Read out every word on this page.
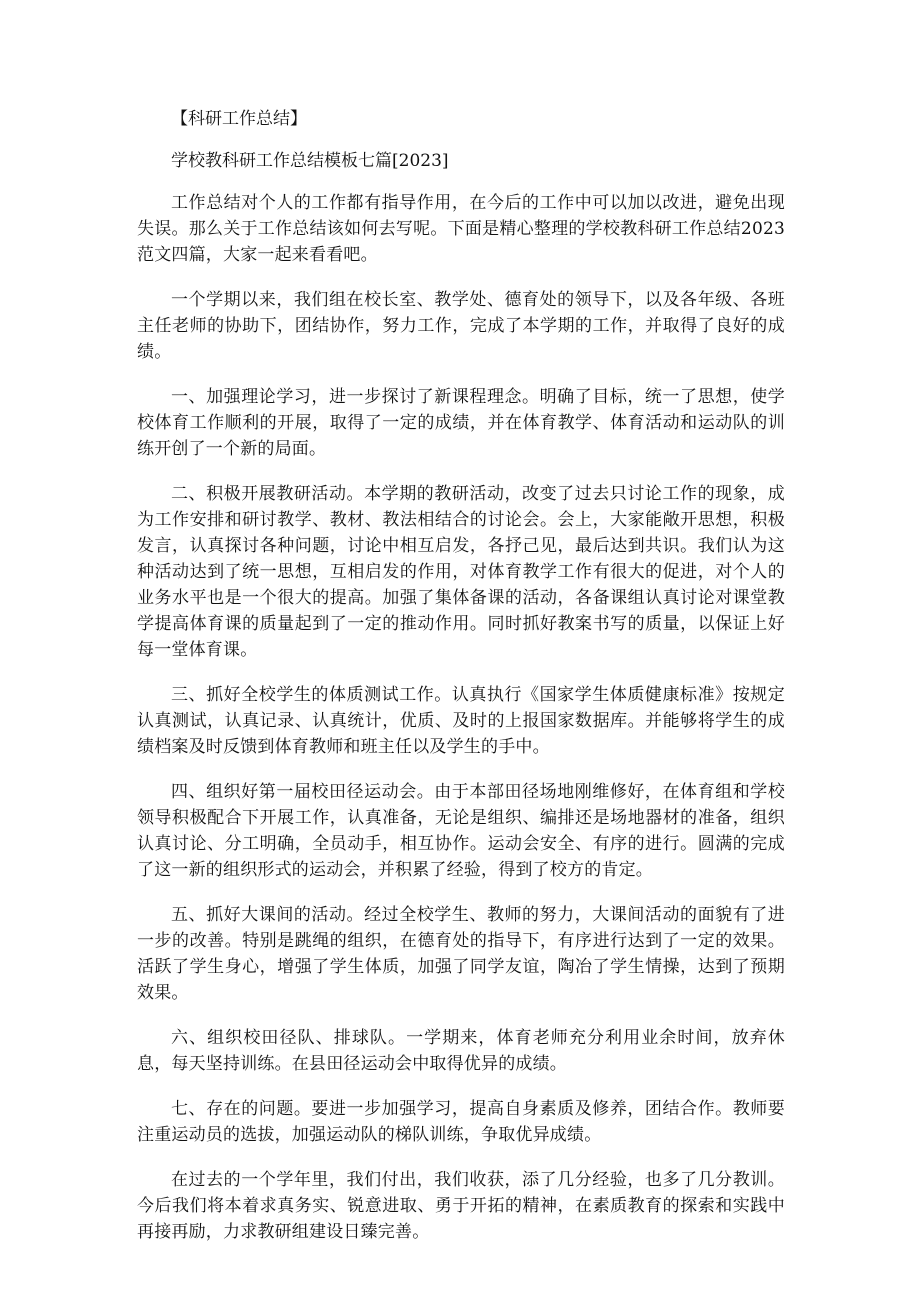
【科研工作总结】

学校教科研工作总结模板七篇[2023]

工作总结对个人的工作都有指导作用，在今后的工作中可以加以改进，避免出现失误。那么关于工作总结该如何去写呢。下面是精心整理的学校教科研工作总结2023范文四篇，大家一起来看看吧。

一个学期以来，我们组在校长室、教学处、德育处的领导下，以及各年级、各班主任老师的协助下，团结协作，努力工作，完成了本学期的工作，并取得了良好的成绩。

一、加强理论学习，进一步探讨了新课程理念。明确了目标，统一了思想，使学校体育工作顺利的开展，取得了一定的成绩，并在体育教学、体育活动和运动队的训练开创了一个新的局面。

二、积极开展教研活动。本学期的教研活动，改变了过去只讨论工作的现象，成为工作安排和研讨教学、教材、教法相结合的讨论会。会上，大家能敞开思想，积极发言，认真探讨各种问题，讨论中相互启发，各抒己见，最后达到共识。我们认为这种活动达到了统一思想，互相启发的作用，对体育教学工作有很大的促进，对个人的业务水平也是一个很大的提高。加强了集体备课的活动，各备课组认真讨论对课堂教学提高体育课的质量起到了一定的推动作用。同时抓好教案书写的质量，以保证上好每一堂体育课。

三、抓好全校学生的体质测试工作。认真执行《国家学生体质健康标准》按规定认真测试，认真记录、认真统计，优质、及时的上报国家数据库。并能够将学生的成绩档案及时反馈到体育教师和班主任以及学生的手中。

四、组织好第一届校田径运动会。由于本部田径场地刚维修好，在体育组和学校领导积极配合下开展工作，认真准备，无论是组织、编排还是场地器材的准备，组织认真讨论、分工明确，全员动手，相互协作。运动会安全、有序的进行。圆满的完成了这一新的组织形式的运动会，并积累了经验，得到了校方的肯定。

五、抓好大课间的活动。经过全校学生、教师的努力，大课间活动的面貌有了进一步的改善。特别是跳绳的组织，在德育处的指导下，有序进行达到了一定的效果。活跃了学生身心，增强了学生体质，加强了同学友谊，陶冶了学生情操，达到了预期效果。

六、组织校田径队、排球队。一学期来，体育老师充分利用业余时间，放弃休息，每天坚持训练。在县田径运动会中取得优异的成绩。

七、存在的问题。要进一步加强学习，提高自身素质及修养，团结合作。教师要注重运动员的选拔，加强运动队的梯队训练，争取优异成绩。

在过去的一个学年里，我们付出，我们收获，添了几分经验，也多了几分教训。今后我们将本着求真务实、锐意进取、勇于开拓的精神，在素质教育的探索和实践中再接再励，力求教研组建设日臻完善。
